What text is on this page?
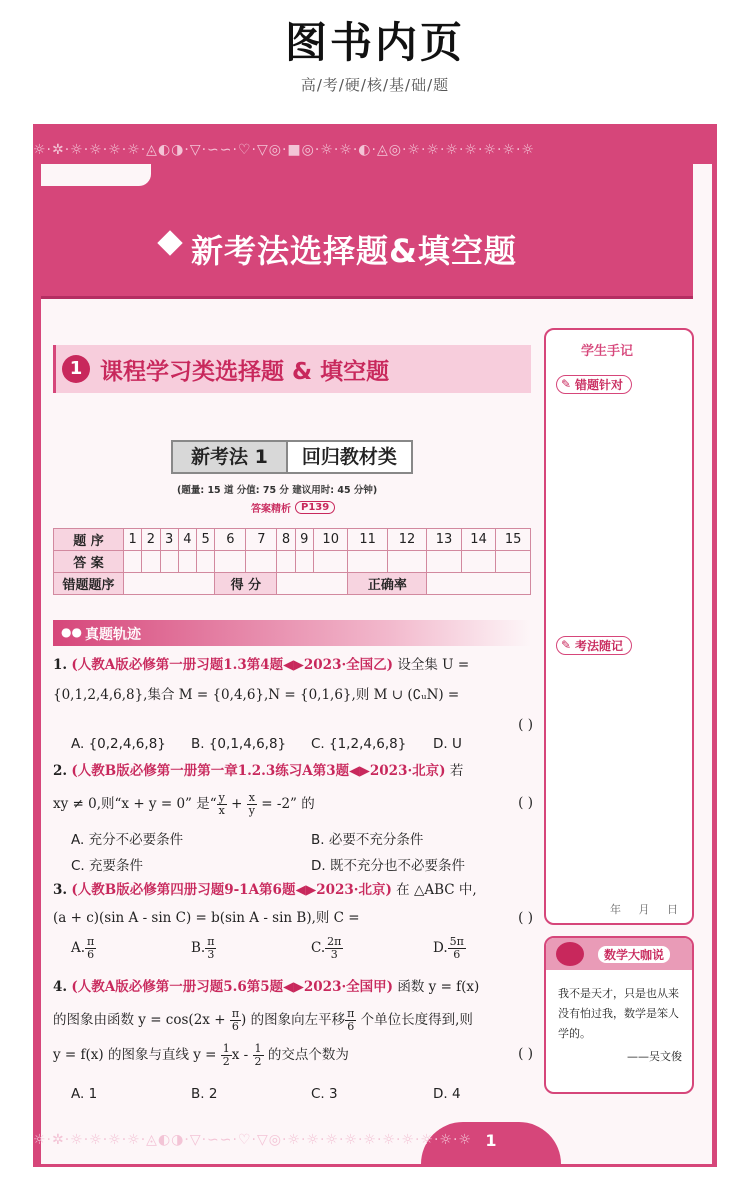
图书内页
高/考/硬/核/基/础/题
☼·✲·☼·☼·☼·☼·◬◐◑·▽·∽∽·♡·▽◎·■◎·☼·☼·◐·◬◎·☼·☼·☼·☼·☼·☼·☼

新考法选择题&填空题
1 课程学习类选择题 & 填空题
新考法 1	回归教材类
(题量: 15 道 分值: 75 分 建议用时: 45 分钟)
答案精析	P139
题 序	1	2	3	4	5	6	7	8	9	10	11	12	13	14	15
答 案															
错题题序						得 分					正确率				
●● 真题轨迹
1. (人教A版必修第一册习题1.3第4题◀▶2023·全国乙) 设全集 U =
{0,1,2,4,6,8},集合 M = {0,4,6},N = {0,1,6},则 M ∪ (∁ᵤN) =
( )
A. {0,2,4,6,8} B. {0,1,4,6,8} C. {1,2,4,6,8} D. U
2. (人教B版必修第一册第一章1.2.3练习A第3题◀▶2023·北京) 若
xy ≠ 0,则“x + y = 0” 是“ $\frac{y}{x} + \frac{x}{y} = -2$” 的	( )
A. 充分不必要条件	B. 必要不充分条件
C. 充要条件	D. 既不充分也不必要条件
3. (人教B版必修第四册习题9-1A第6题◀▶2023·北京) 在 △ABC 中,
(a + c)(sin A - sin C) = b(sin A - sin B),则 C =	( )
A. $\frac{\pi}{6}$	B. $\frac{\pi}{3}$	C. $\frac{2\pi}{3}$	D. $\frac{5\pi}{6}$
4. (人教A版必修第一册习题5.6第5题◀▶2023·全国甲) 函数 y = f(x)
的图象由函数 $y = \cos(2x + \frac{\pi}{6}$ ) 的图象向左平移 $\frac{\pi}{6}$ 个单位长度得到,则
y = f(x) 的图象与直线 $y = \frac{1}{2}$ x - $\frac{1}{2}$ 的交点个数为	( )
A. 1	B. 2	C. 3	D. 4
学生手记
✎ 错题针对
✎ 考法随记
年 月 日
数学大咖说
我不是天才，只是也从来没有怕过我，数学是笨人学的。
——吴文俊
1
☼·✲·☼·☼·☼·☼·◬◐◑·▽·∽∽·♡·▽◎·☼·☼·☼·☼·☼·☼·☼·☼·☼·☼
